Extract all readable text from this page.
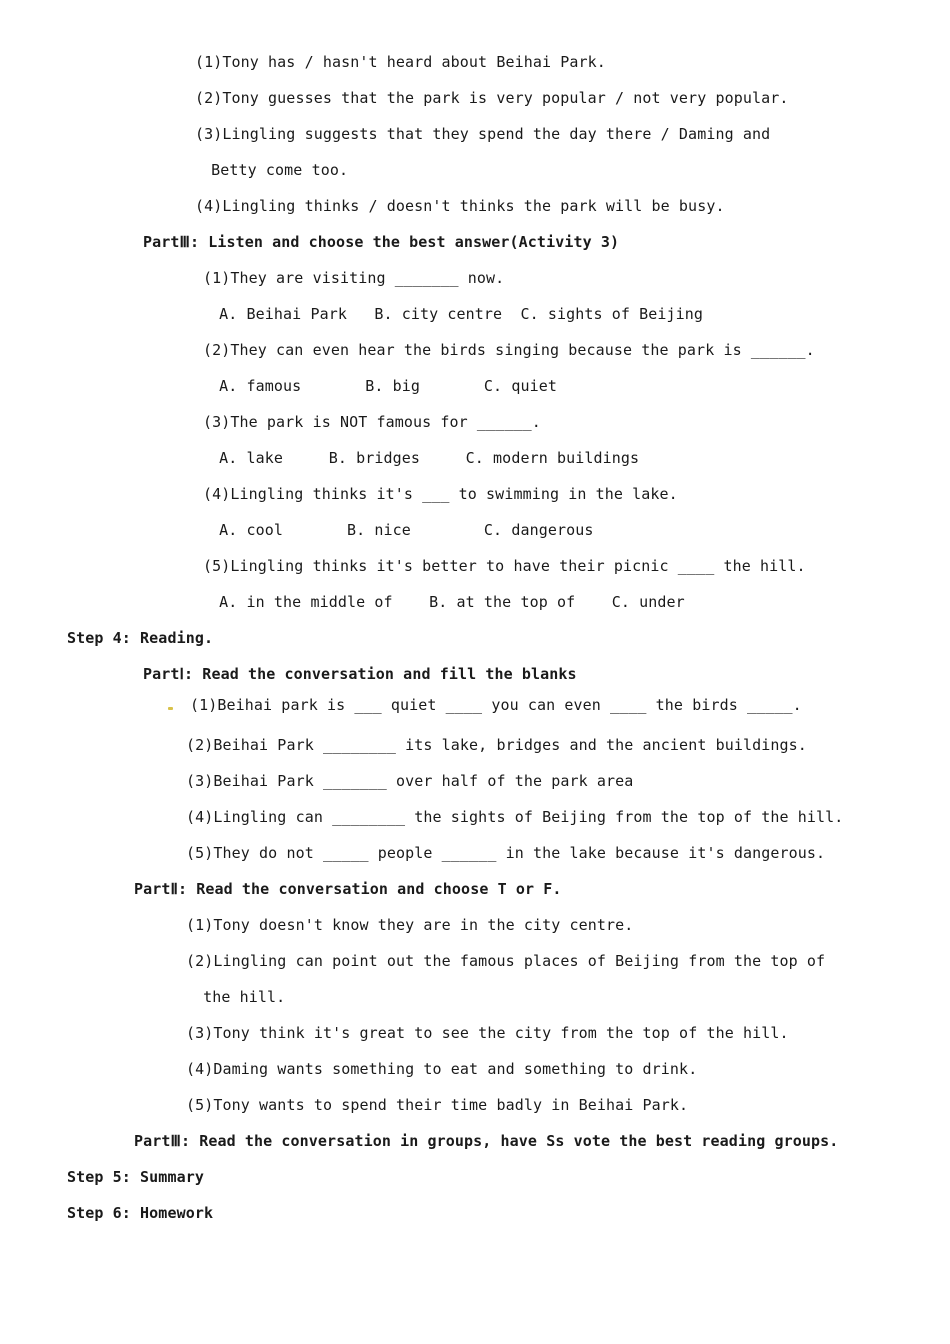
(1)Tony has / hasn't heard about Beihai Park.
(2)Tony guesses that the park is very popular / not very popular.
(3)Lingling suggests that they spend the day there / Daming and
Betty come too.
(4)Lingling thinks / doesn't thinks the park will be busy.
PartⅢ: Listen and choose the best answer(Activity 3)
(1)They are visiting _______ now.
A. Beihai Park   B. city centre  C. sights of Beijing
(2)They can even hear the birds singing because the park is ______.
A. famous       B. big       C. quiet
(3)The park is NOT famous for ______.
A. lake     B. bridges     C. modern buildings
(4)Lingling thinks it's ___ to swimming in the lake.
A. cool       B. nice        C. dangerous
(5)Lingling thinks it's better to have their picnic ____ the hill.
A. in the middle of    B. at the top of    C. under
Step 4: Reading.
PartⅠ: Read the conversation and fill the blanks
(1)Beihai park is ___ quiet ____ you can even ____ the birds _____.
(2)Beihai Park ________ its lake, bridges and the ancient buildings.
(3)Beihai Park _______ over half of the park area
(4)Lingling can ________ the sights of Beijing from the top of the hill.
(5)They do not _____ people ______ in the lake because it's dangerous.
PartⅡ: Read the conversation and choose T or F.
(1)Tony doesn't know they are in the city centre.
(2)Lingling can point out the famous places of Beijing from the top of
the hill.
(3)Tony think it's great to see the city from the top of the hill.
(4)Daming wants something to eat and something to drink.
(5)Tony wants to spend their time badly in Beihai Park.
PartⅢ: Read the conversation in groups, have Ss vote the best reading groups.
Step 5: Summary
Step 6: Homework
